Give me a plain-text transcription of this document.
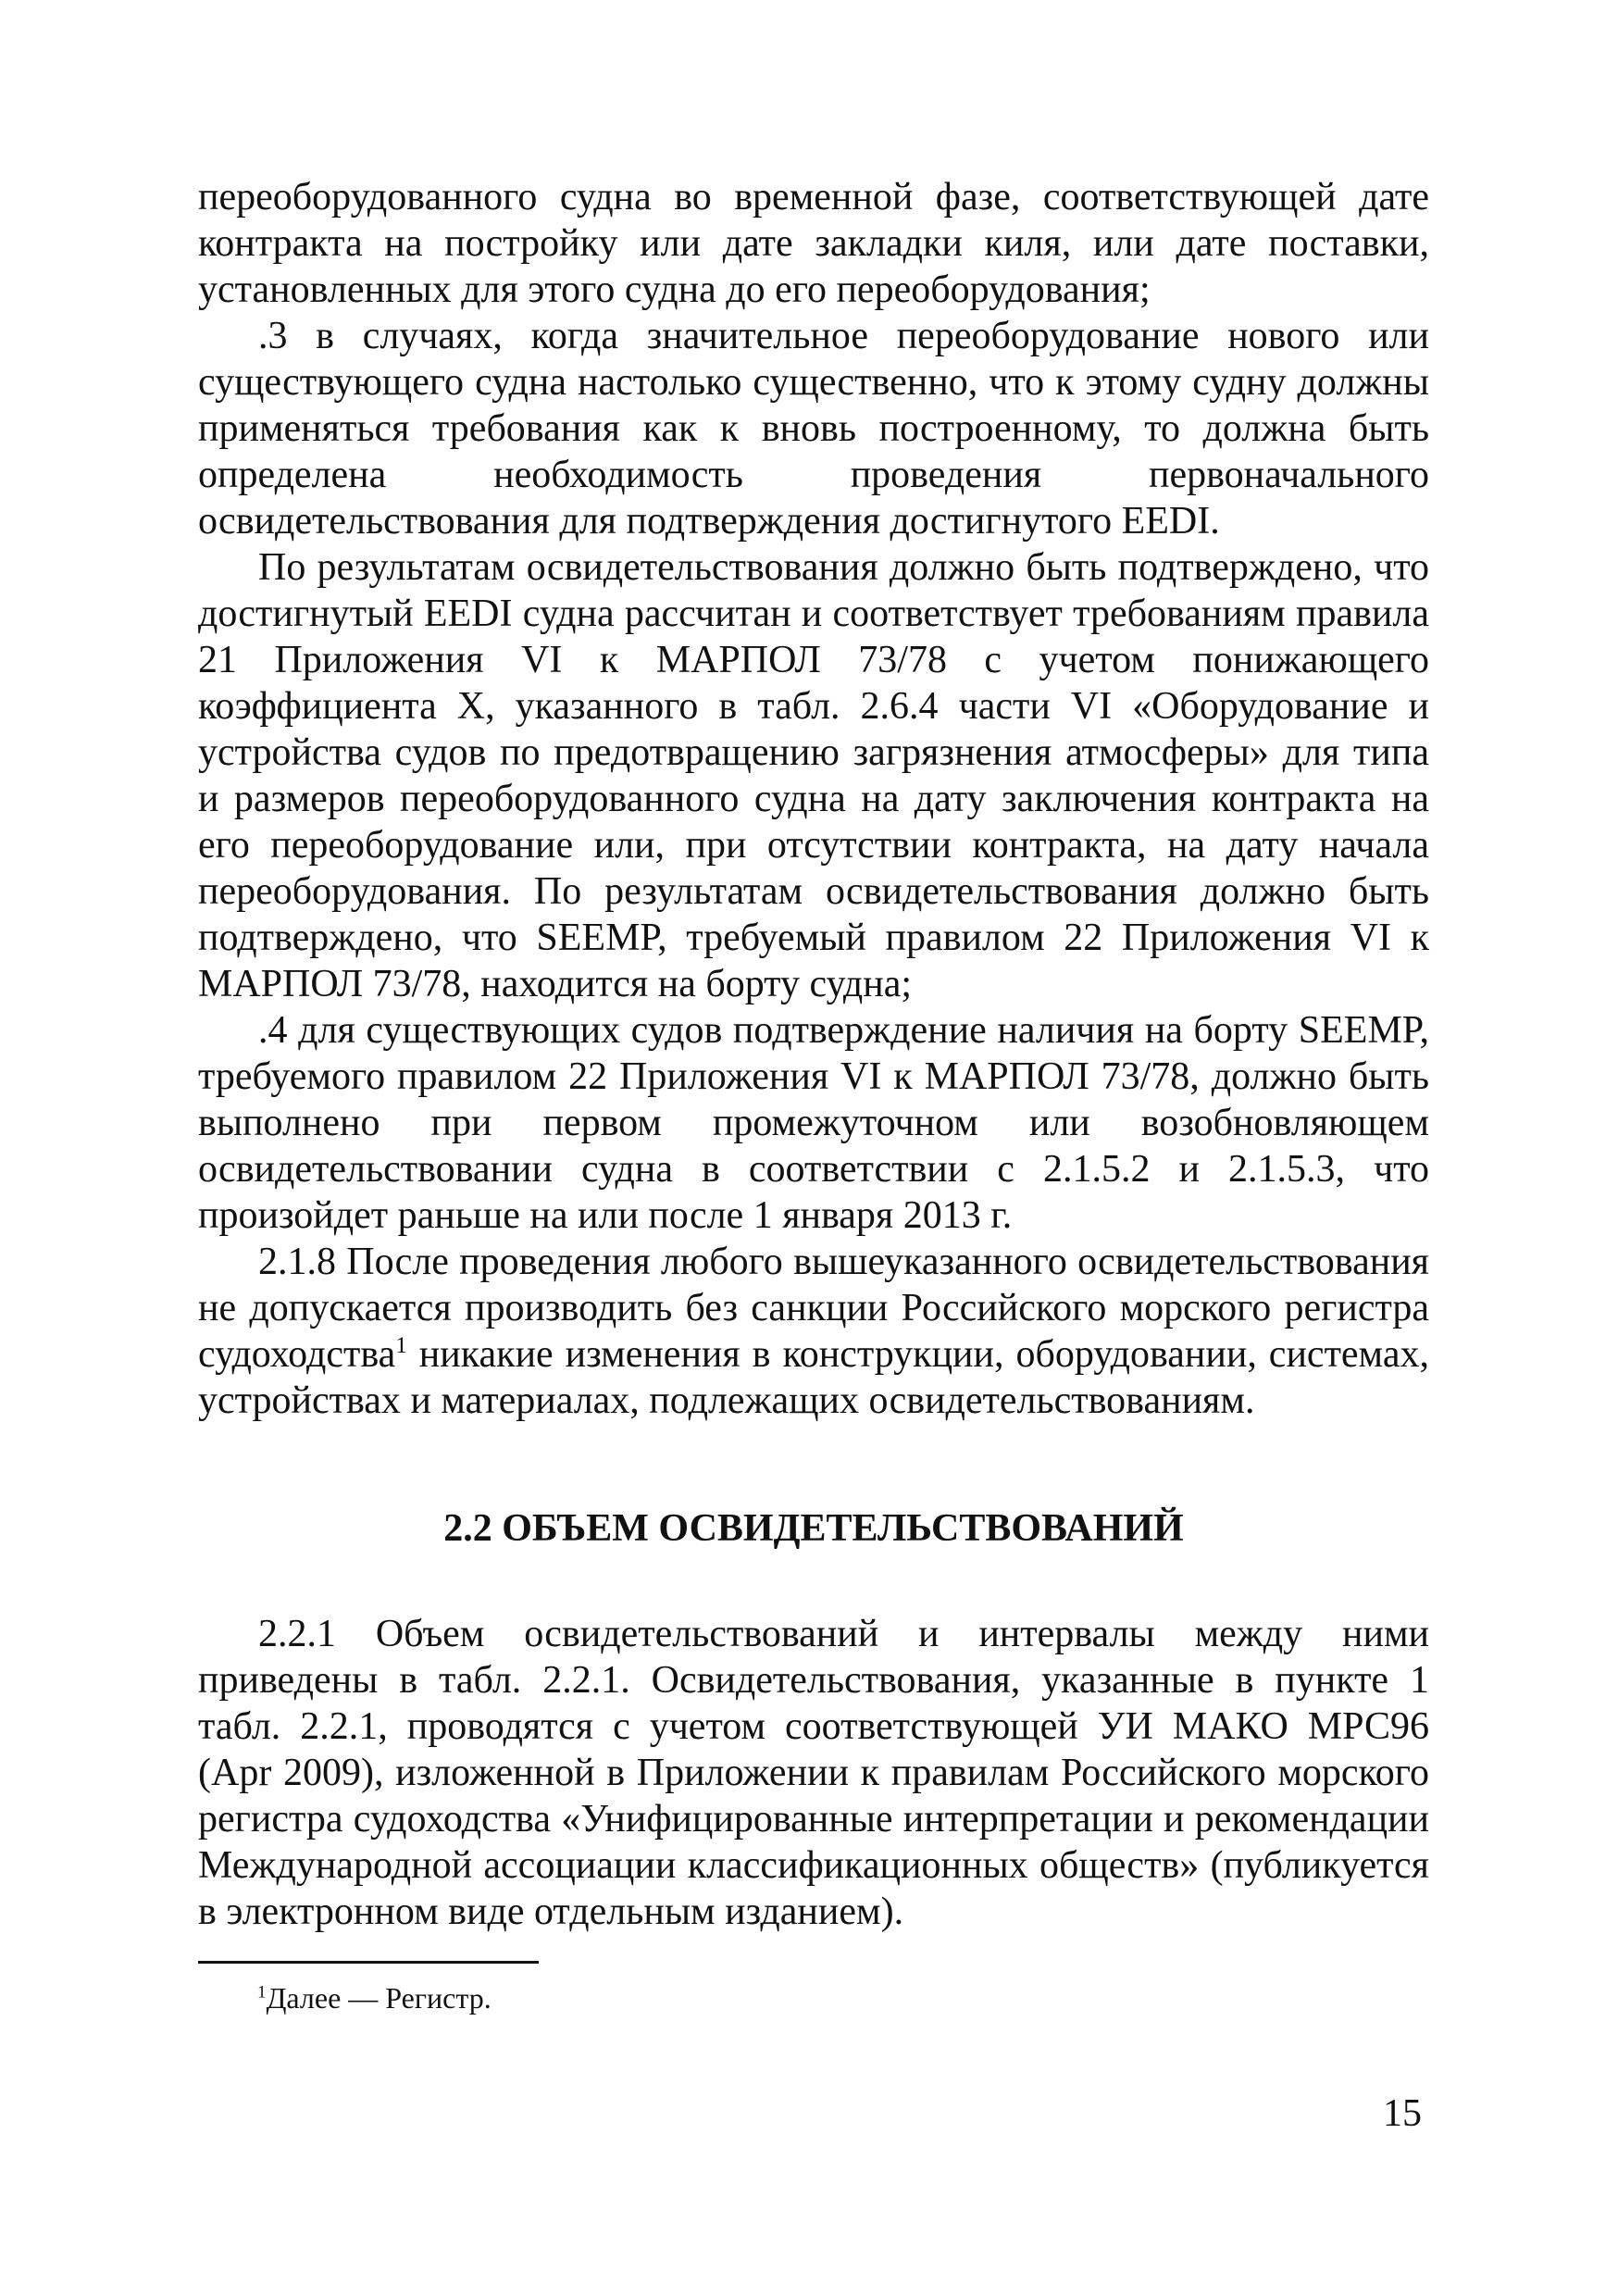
переоборудованного судна во временной фазе, соответствующей дате контракта на постройку или дате закладки киля, или дате поставки, установленных для этого судна до его переоборудования;

.3 в случаях, когда значительное переоборудование нового или существующего судна настолько существенно, что к этому судну должны применяться требования как к вновь построенному, то должна быть определена необходимость проведения первоначального освидетельствования для подтверждения достигнутого EEDI.

По результатам освидетельствования должно быть подтверждено, что достигнутый EEDI судна рассчитан и соответствует требованиям правила 21 Приложения VI к МАРПОЛ 73/78 с учетом понижающего коэффициента X, указанного в табл. 2.6.4 части VI «Оборудование и устройства судов по предотвращению загрязнения атмосферы» для типа и размеров переоборудованного судна на дату заключения контракта на его переоборудование или, при отсутствии контракта, на дату начала переоборудования. По результатам освидетельствования должно быть подтверждено, что SEEMP, требуемый правилом 22 Приложения VI к МАРПОЛ 73/78, находится на борту судна;

.4 для существующих судов подтверждение наличия на борту SEEMP, требуемого правилом 22 Приложения VI к МАРПОЛ 73/78, должно быть выполнено при первом промежуточном или возобновляющем освидетельствовании судна в соответствии с 2.1.5.2 и 2.1.5.3, что произойдет раньше на или после 1 января 2013 г.

2.1.8 После проведения любого вышеуказанного освидетельствования не допускается производить без санкции Российского морского регистра судоходства$^1$ никакие изменения в конструкции, оборудовании, системах, устройствах и материалах, подлежащих освидетельствованиям.

2.2 ОБЪЕМ ОСВИДЕТЕЛЬСТВОВАНИЙ

2.2.1 Объем освидетельствований и интервалы между ними приведены в табл. 2.2.1. Освидетельствования, указанные в пункте 1 табл. 2.2.1, проводятся с учетом соответствующей УИ МАКО МРС96 (Apr 2009), изложенной в Приложении к правилам Российского морского регистра судоходства «Унифицированные интерпретации и рекомендации Международной ассоциации классификационных обществ» (публикуется в электронном виде отдельным изданием).

$^1$Далее — Регистр.

15
